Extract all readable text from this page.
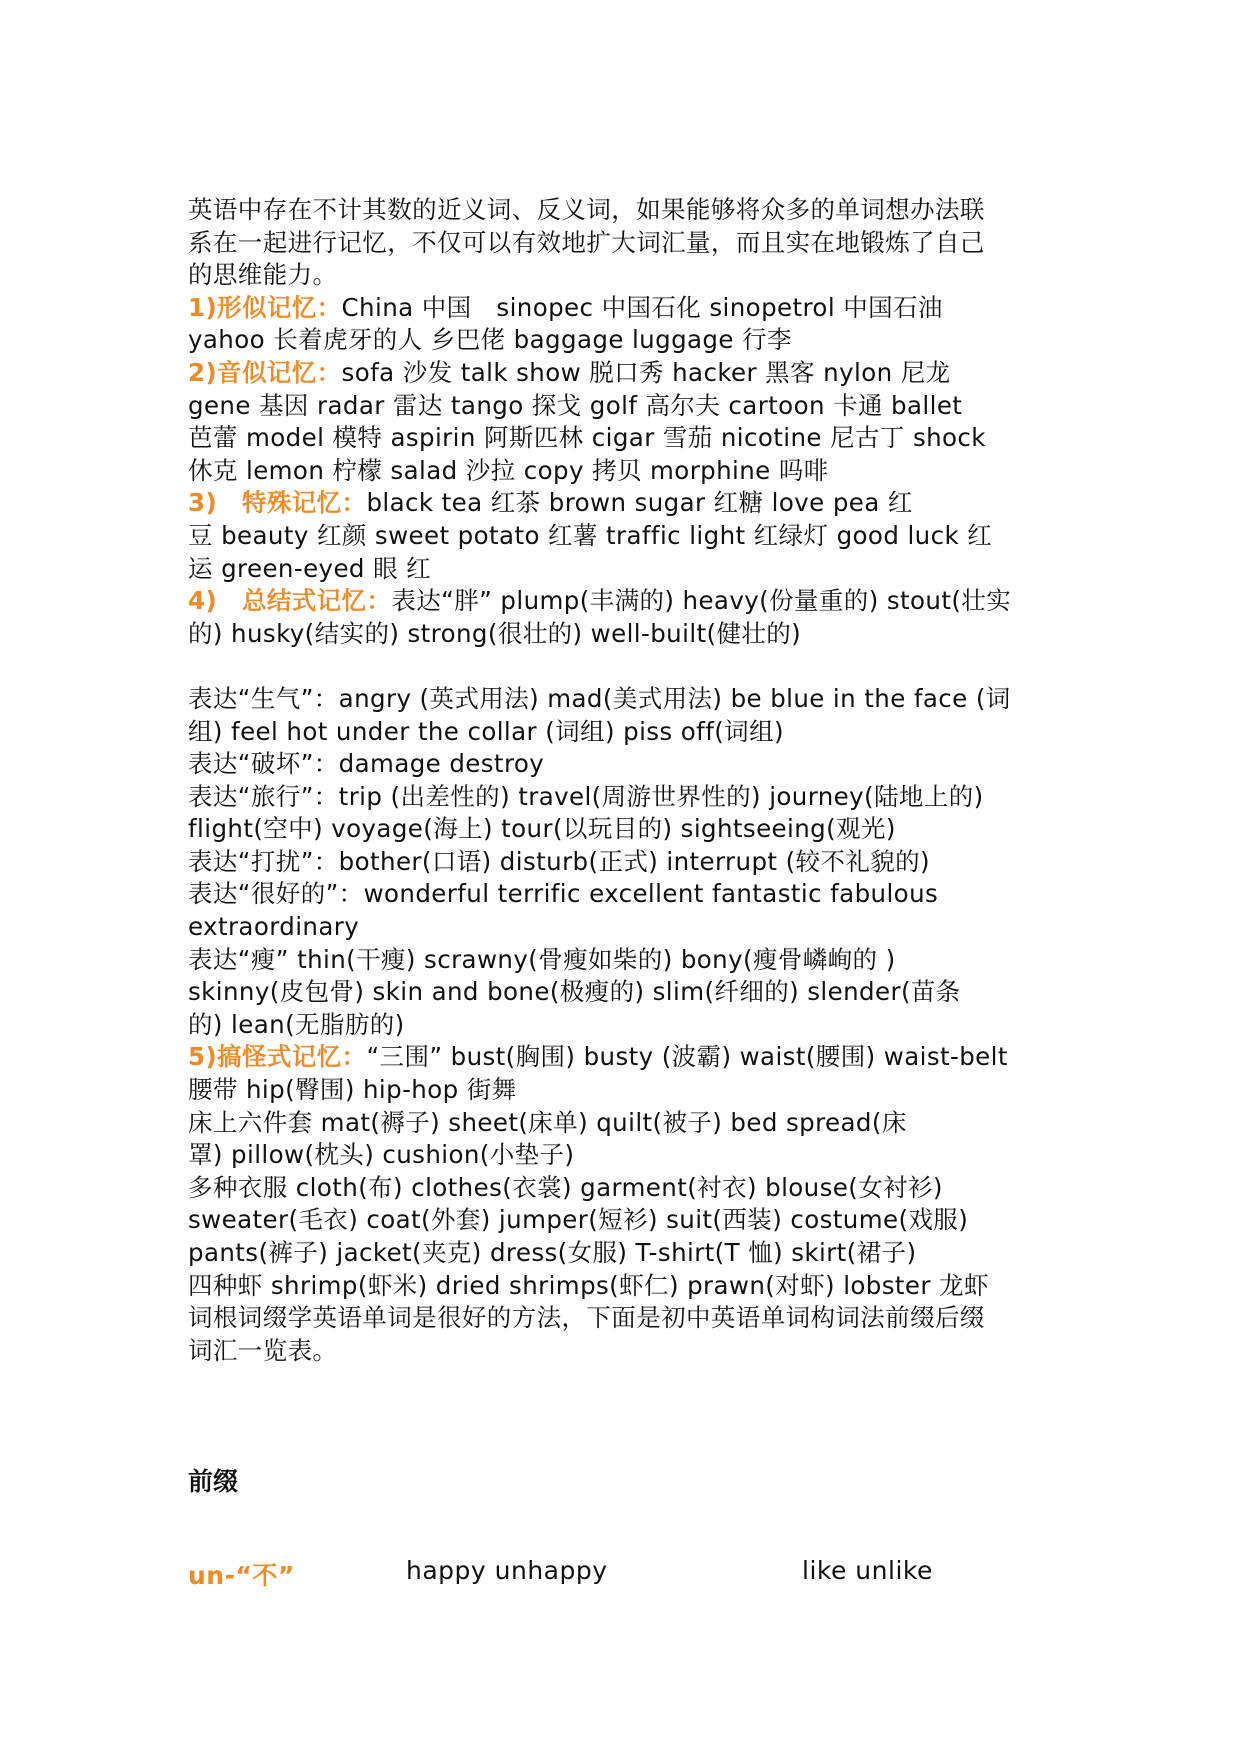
英语中存在不计其数的近义词、反义词，如果能够将众多的单词想办法联
系在一起进行记忆，不仅可以有效地扩大词汇量，而且实在地锻炼了自己
的思维能力。
1)形似记忆：China 中国　sinopec 中国石化 sinopetrol 中国石油
yahoo 长着虎牙的人 乡巴佬 baggage luggage 行李
2)音似记忆：sofa 沙发 talk show 脱口秀 hacker 黑客 nylon 尼龙
gene 基因 radar 雷达 tango 探戈 golf 高尔夫 cartoon 卡通 ballet
芭蕾 model 模特 aspirin 阿斯匹林 cigar 雪茄 nicotine 尼古丁 shock
休克 lemon 柠檬 salad 沙拉 copy 拷贝 morphine 吗啡
3)　特殊记忆：black tea 红茶 brown sugar 红糖 love pea 红
豆 beauty 红颜 sweet potato 红薯 traffic light 红绿灯 good luck 红
运 green-eyed 眼 红
4)　总结式记忆：表达“胖” plump(丰满的) heavy(份量重的) stout(壮实
的) husky(结实的) strong(很壮的) well-built(健壮的)
表达“生气”：angry (英式用法) mad(美式用法) be blue in the face (词
组) feel hot under the collar (词组) piss off(词组)
表达“破坏”：damage destroy
表达“旅行”：trip (出差性的) travel(周游世界性的) journey(陆地上的)
flight(空中) voyage(海上) tour(以玩目的) sightseeing(观光)
表达“打扰”：bother(口语) disturb(正式) interrupt (较不礼貌的)
表达“很好的”：wonderful terrific excellent fantastic fabulous
extraordinary
表达“瘦” thin(干瘦) scrawny(骨瘦如柴的) bony(瘦骨嶙峋的 )
skinny(皮包骨) skin and bone(极瘦的) slim(纤细的) slender(苗条
的) lean(无脂肪的)
5)搞怪式记忆：“三围” bust(胸围) busty (波霸) waist(腰围) waist-belt
腰带 hip(臀围) hip-hop 街舞
床上六件套 mat(褥子) sheet(床单) quilt(被子) bed spread(床
罩) pillow(枕头) cushion(小垫子)
多种衣服 cloth(布) clothes(衣裳) garment(衬衣) blouse(女衬衫)
sweater(毛衣) coat(外套) jumper(短衫) suit(西装) costume(戏服)
pants(裤子) jacket(夹克) dress(女服) T-shirt(T 恤) skirt(裙子)
四种虾 shrimp(虾米) dried shrimps(虾仁) prawn(对虾) lobster 龙虾
词根词缀学英语单词是很好的方法，下面是初中英语单词构词法前缀后缀
词汇一览表。
前缀
un-“不”	happy unhappy	like unlike
